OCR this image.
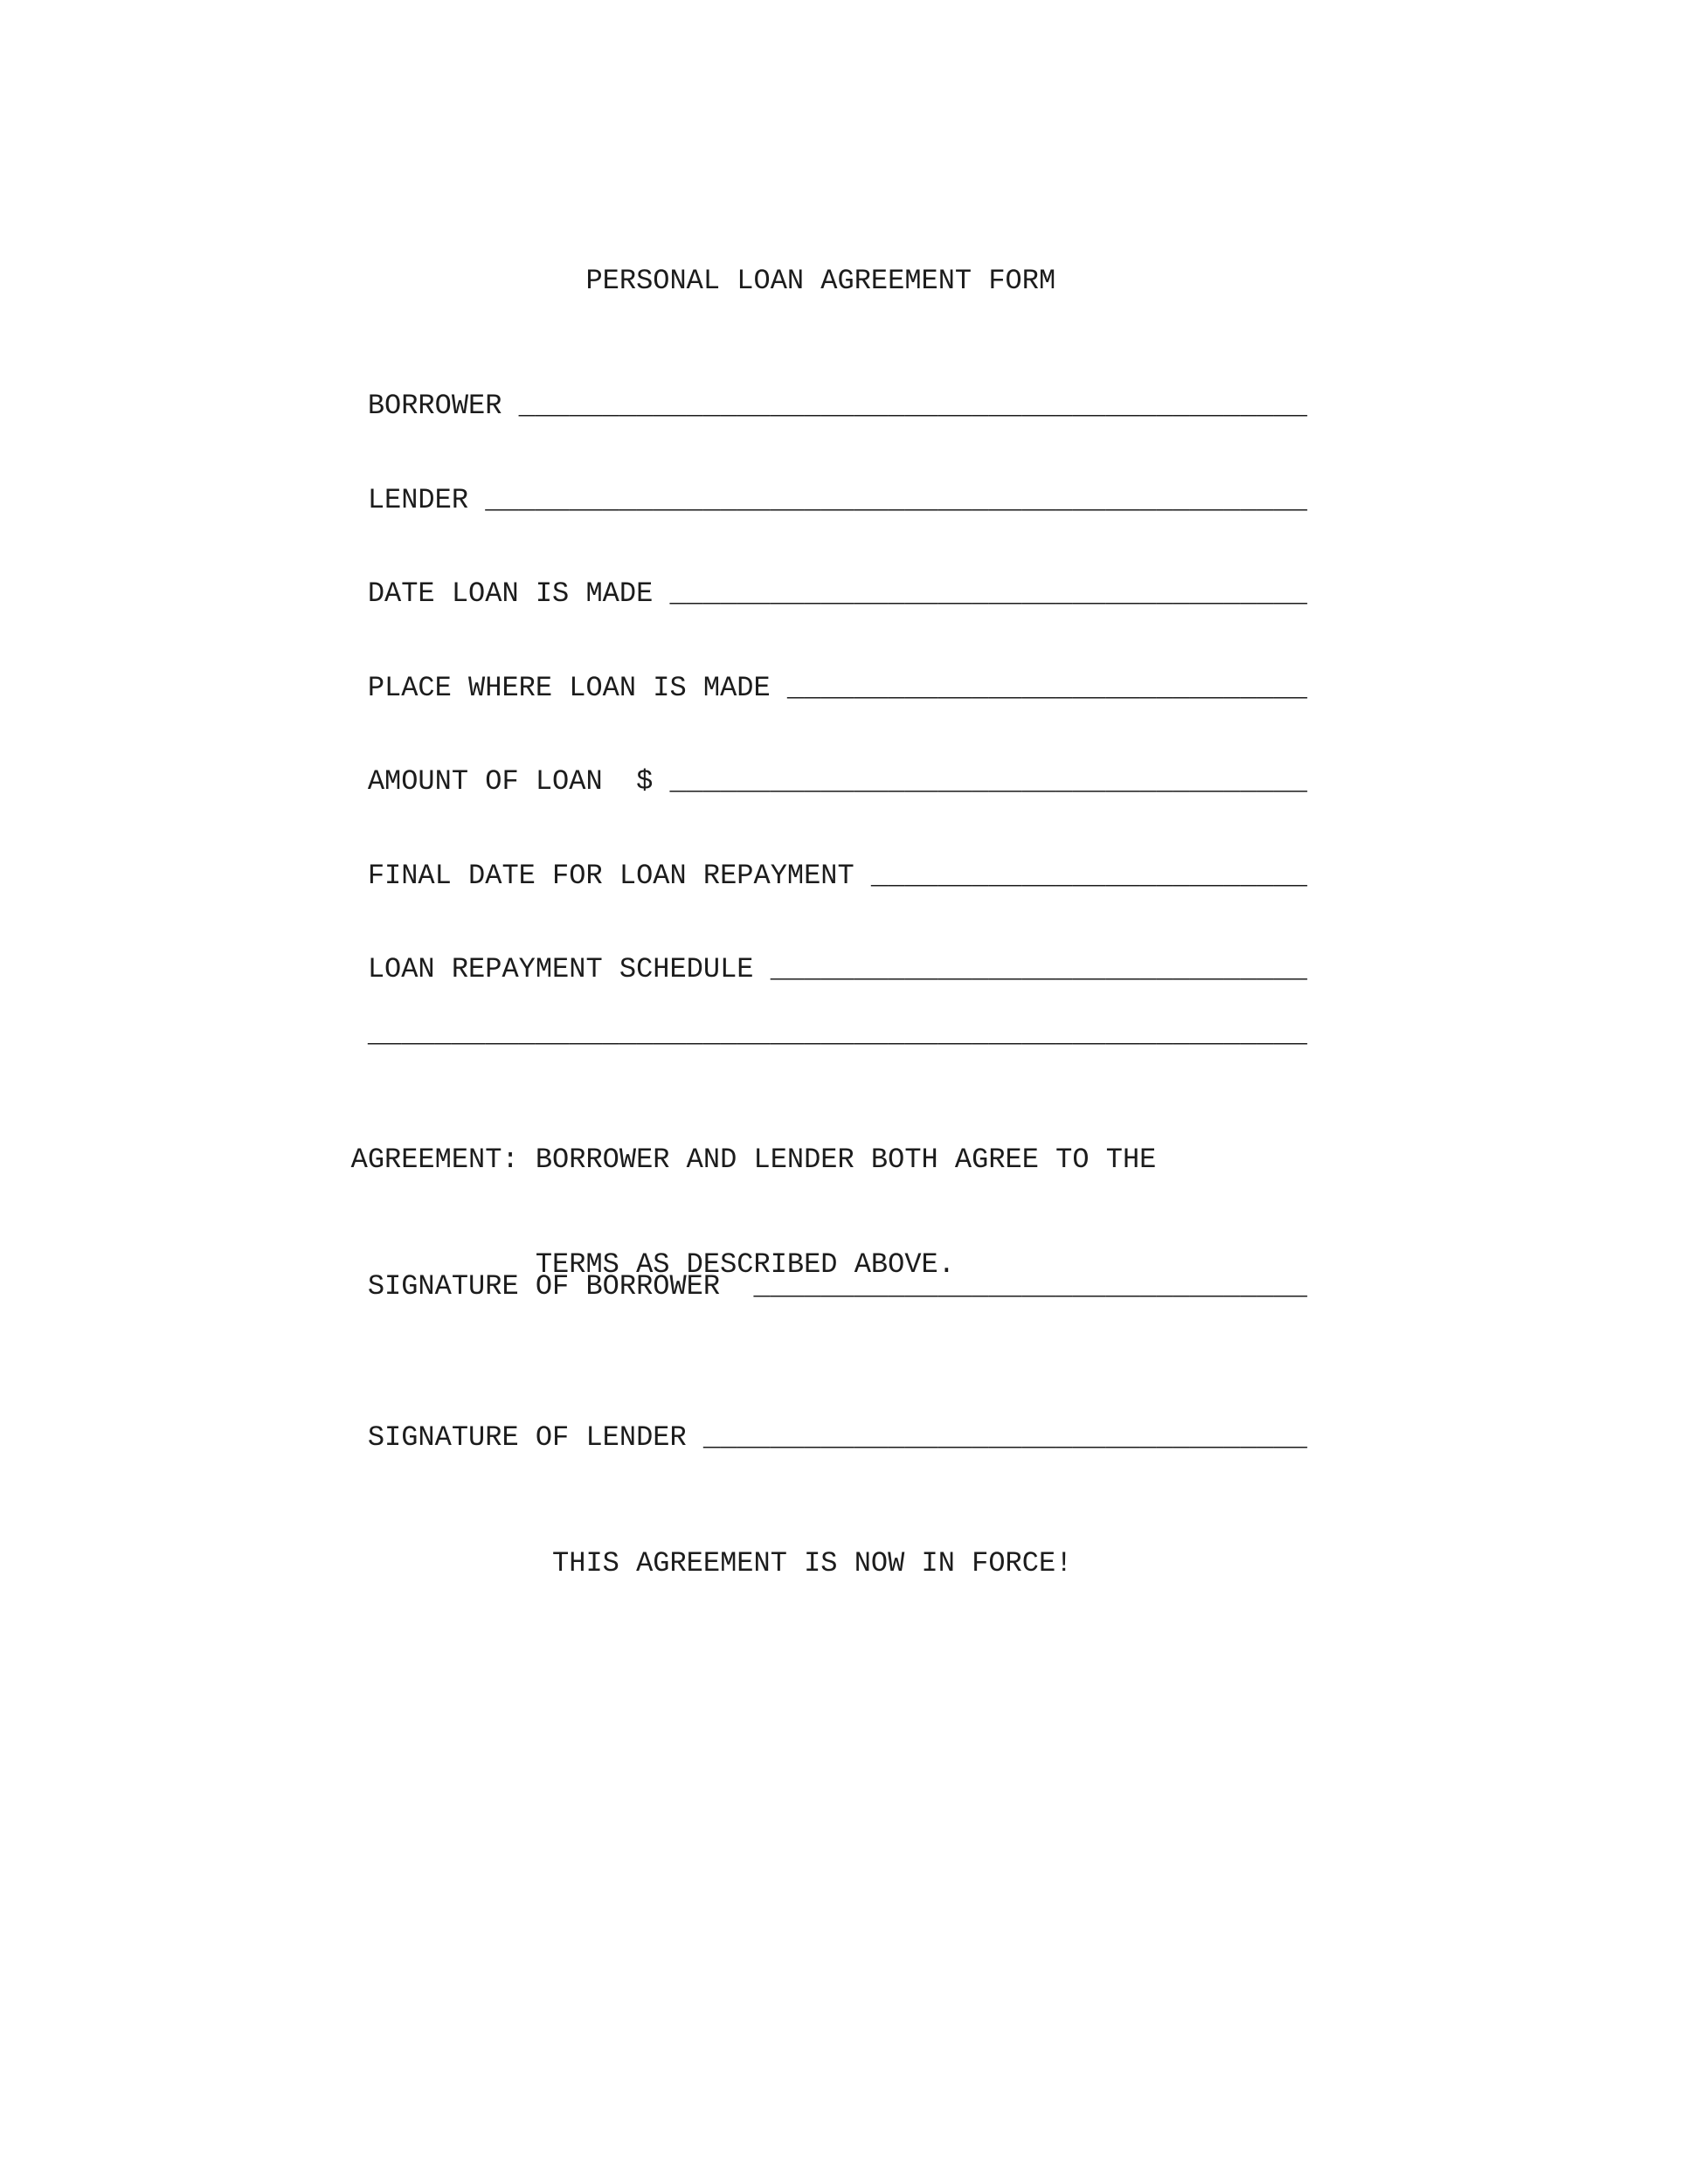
PERSONAL LOAN AGREEMENT FORM

BORROWER _______________________________________________

LENDER _________________________________________________

DATE LOAN IS MADE ______________________________________

PLACE WHERE LOAN IS MADE _______________________________

AMOUNT OF LOAN  $ ______________________________________

FINAL DATE FOR LOAN REPAYMENT __________________________

LOAN REPAYMENT SCHEDULE ________________________________

________________________________________________________

AGREEMENT: BORROWER AND LENDER BOTH AGREE TO THE

TERMS AS DESCRIBED ABOVE.

SIGNATURE OF BORROWER  _________________________________

SIGNATURE OF LENDER ____________________________________

THIS AGREEMENT IS NOW IN FORCE!
